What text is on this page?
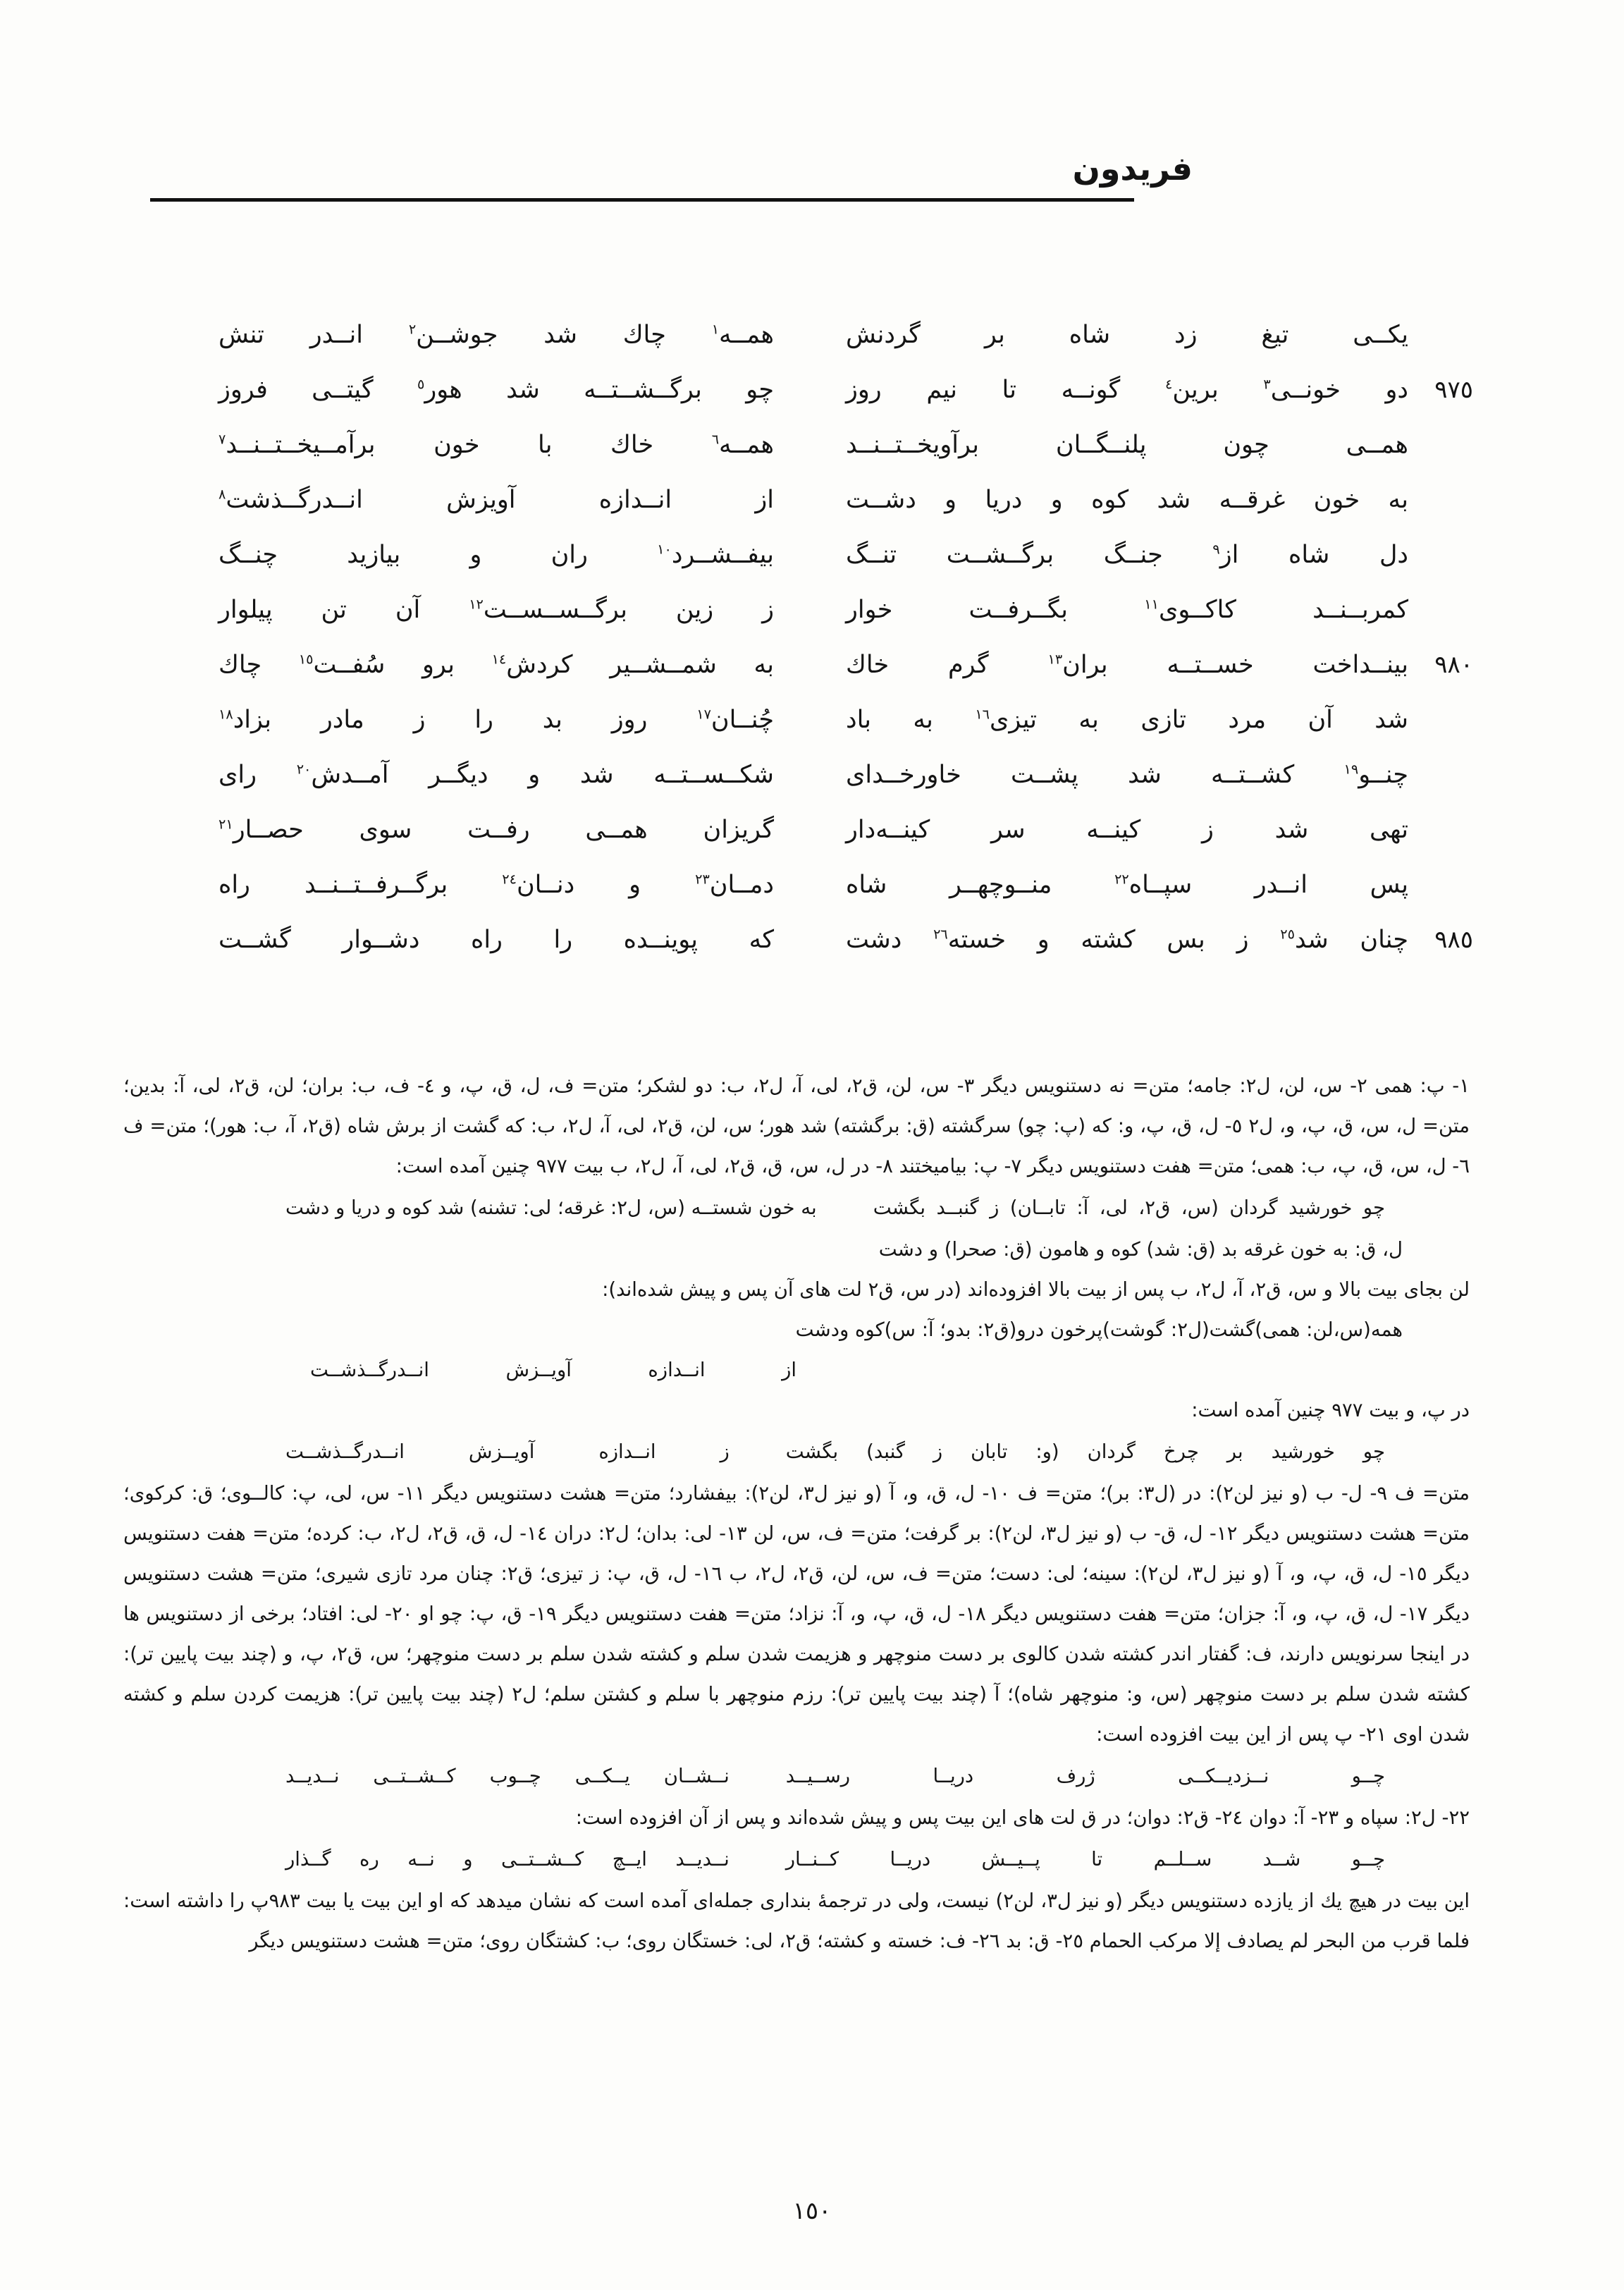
فريدون
يكــى تيغ زد شاه بر گردنش
همــه$^١$ چاك شد جوشــن$^٢$ انــدر تنش
٩٧٥
دو خونــى$^٣$ برين$^٤$ گونــه تا نيم روز
چو برگــشــتــه شد هور$^٥$ گيتــى فروز
همــى چون پلنــگــان برآويخــتــنــد
همــه$^٦$ خاك با خون برآمــيخــتــنــد$^٧$
به خون غرقــه شد كوه و دريا و دشــت
از انــدازه آويزش انــدرگــذشت$^٨$
دل شاه از$^٩$ جنــگ برگــشــت تنــگ
بيفــشــرد$^{١٠}$ ران و بيازيد چنــگ
كمربــنــد كاكــوى$^{١١}$ بگــرفــت خوار
ز زين برگــســســت$^{١٢}$ آن تن پيلوار
٩٨٠
بينــداخت خســتــه بران$^{١٣}$ گرم خاك
به شمــشــير كردش$^{١٤}$ برو سُفــت$^{١٥}$ چاك
شد آن مرد تازى به تيزى$^{١٦}$ به باد
چُنــان$^{١٧}$ روز بد را ز مادر بزاد$^{١٨}$
چنــو$^{١٩}$ كشــتــه شد پشــت خاورخــداى
شكــســتــه شد و ديگــر آمــدش$^{٢٠}$ راى
تهى شد ز كينــه سر كينــه‌دار
گريزان همــى رفــت سوى حصــار$^{٢١}$
پس انــدر سپــاه$^{٢٢}$ منــوچهــر شاه
دمــان$^{٢٣}$ و دنــان$^{٢٤}$ برگــرفــتــنــد راه
٩٨٥
چنان شد$^{٢٥}$ ز بس كشته و خسته$^{٢٦}$ دشت
كه پوينــده را راه دشــوار گشــت
١- پ: همى ٢- س، لن، ل٢: جامه؛ متن= نه دستنويس ديگر ٣- س، لن، ق٢، لى، آ، ل٢، ب: دو لشكر؛ متن= ف، ل، ق، پ، و ٤- ف، ب: بران؛ لن، ق٢، لى، آ: بدين؛ متن= ل، س، ق، پ، و، ل٢ ٥- ل، ق، پ، و: كه (پ: چو) سرگشته (ق: برگشته) شد هور؛ س، لن، ق٢، لى، آ، ل٢، ب: كه گشت از برش شاه (ق٢، آ، ب: هور)؛ متن= ف ٦- ل، س، ق، پ، ب: همى؛ متن= هفت دستنويس ديگر ٧- پ: بياميختند ٨- در ل، س، ق، ق٢، لى، آ، ل٢، ب بيت ٩٧٧ چنين آمده است:
چو خورشيد گردان (س، ق٢، لى، آ: تابــان) ز گنبــد بگشت
به خون شستــه (س، ل٢: غرقه؛ لى: تشنه) شد كوه و دريا و دشت
ل، ق: به خون غرقه بد (ق: شد) كوه و هامون (ق: صحرا) و دشت
لن بجاى بيت بالا و س، ق٢، آ، ل٢، ب پس از بيت بالا افزوده‌اند (در س، ق٢ لت هاى آن پس و پيش شده‌اند):
همه(س،لن: همى)گشت(ل٢: گوشت)پرخون درو(ق٢: بدو؛ آ: س)كوه ودشت
از انــدازه آويــزش انــدرگــذشــت
در پ، و بيت ٩٧٧ چنين آمده است:
چو خورشيد بر چرخ گردان (و: تابان ز گنبد) بگشت
ز انــدازه آويــزش انــدرگــذشــت
متن= ف ٩- ل- ب (و نيز لن٢): در (ل٣: بر)؛ متن= ف ١٠- ل، ق، و، آ (و نيز ل٣، لن٢): بيفشارد؛ متن= هشت دستنويس ديگر ١١- س، لى، پ: كالــوى؛ ق: كركوى؛ متن= هشت دستنويس ديگر ١٢- ل، ق- ب (و نيز ل٣، لن٢): بر گرفت؛ متن= ف، س، لن ١٣- لى: بدان؛ ل٢: دران ١٤- ل، ق، ق٢، ل٢، ب: كرده؛ متن= هفت دستنويس ديگر ١٥- ل، ق، پ، و، آ (و نيز ل٣، لن٢): سينه؛ لى: دست؛ متن= ف، س، لن، ق٢، ل٢، ب ١٦- ل، ق، پ: ز تيزى؛ ق٢: چنان مرد تازى شيرى؛ متن= هشت دستنويس ديگر ١٧- ل، ق، پ، و، آ: جزان؛ متن= هفت دستنويس ديگر ١٨- ل، ق، پ، و، آ: نزاد؛ متن= هفت دستنويس ديگر ١٩- ق، پ: چو او ٢٠- لى: افتاد؛ برخى از دستنويس ها در اينجا سرنويس دارند، ف: گفتار اندر كشته شدن كالوى بر دست منوچهر و هزيمت شدن سلم و كشته شدن سلم بر دست منوچهر؛ س، ق٢، پ، و (چند بيت پايين تر): كشته شدن سلم بر دست منوچهر (س، و: منوچهر شاه)؛ آ (چند بيت پايين تر): رزم منوچهر با سلم و كشتن سلم؛ ل٢ (چند بيت پايين تر): هزيمت كردن سلم و كشته شدن اوى ٢١- پ پس از اين بيت افزوده است:
چــو نــزديــكــى ژرف دريــا رســيــد
نــشــان يــكــى چــوب كــشــتــى نــديــد
٢٢- ل٢: سپاه و ٢٣- آ: دوان ٢٤- ق٢: دوان؛ در ق لت هاى اين بيت پس و پيش شده‌اند و پس از آن افزوده است:
چــو شــد ســلــم تا پــيــش دريــا كــنــار
نــديــد ايــچ كــشــتــى و نــه ره گــذار
اين بيت در هيچ يك از يازده دستنويس ديگر (و نيز ل٣، لن٢) نيست، ولى در ترجمهٔ بندارى جمله‌اى آمده است كه نشان ميدهد كه او اين بيت يا بيت ٩٨٣پ را داشته است: فلما قرب من البحر لم يصادف إلا مركب الحمام ٢٥- ق: بد ٢٦- ف: خسته و كشته؛ ق٢، لى: خستگان روى؛ ب: كشتگان روى؛ متن= هشت دستنويس ديگر
١٥٠
